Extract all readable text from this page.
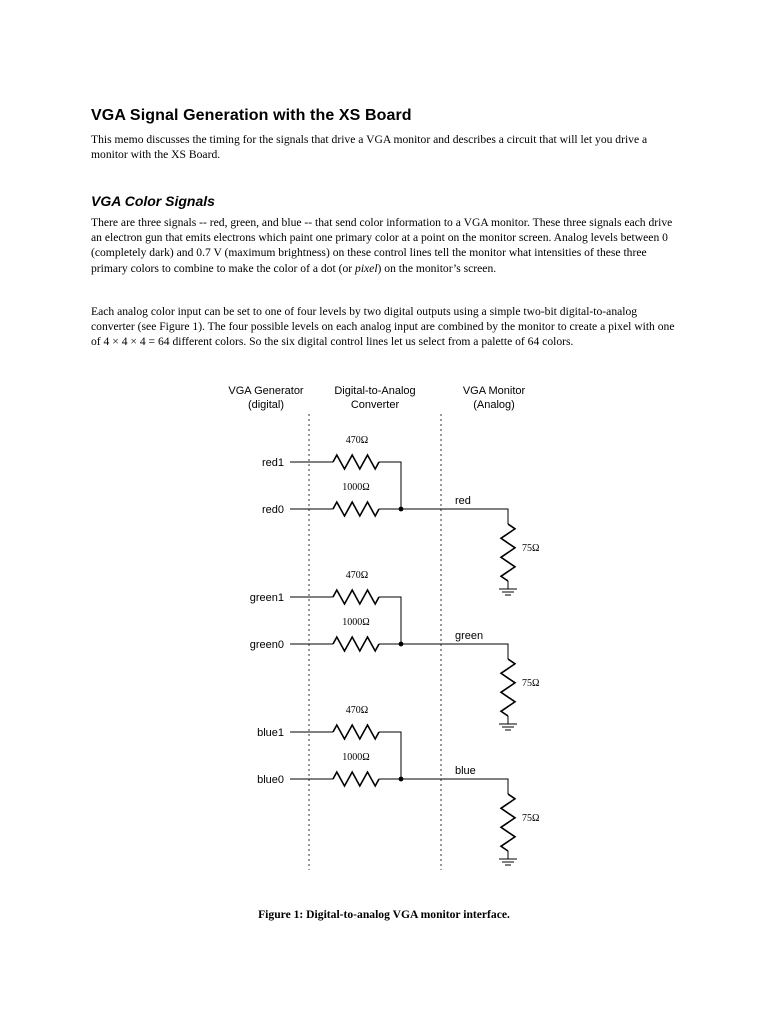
VGA Signal Generation with the XS Board

This memo discusses the timing for the signals that drive a VGA monitor and describes a circuit that will let you drive a monitor with the XS Board.

VGA Color Signals

There are three signals -- red, green, and blue -- that send color information to a VGA monitor. These three signals each drive an electron gun that emits electrons which paint one primary color at a point on the monitor screen. Analog levels between 0 (completely dark) and 0.7 V (maximum brightness) on these control lines tell the monitor what intensities of these three primary colors to combine to make the color of a dot (or pixel) on the monitor’s screen.

Each analog color input can be set to one of four levels by two digital outputs using a simple two-bit digital-to-analog converter (see Figure 1). The four possible levels on each analog input are combined by the monitor to create a pixel with one of 4 × 4 × 4 = 64 different colors. So the six digital control lines let us select from a palette of 64 colors.

VGA Generator
(digital)
Digital-to-Analog
Converter
VGA Monitor
(Analog)
red1
red0
470Ω
1000Ω
red
75Ω
green1
green0
470Ω
1000Ω
green
75Ω
blue1
blue0
470Ω
1000Ω
blue
75Ω
Figure 1: Digital-to-analog VGA monitor interface.
